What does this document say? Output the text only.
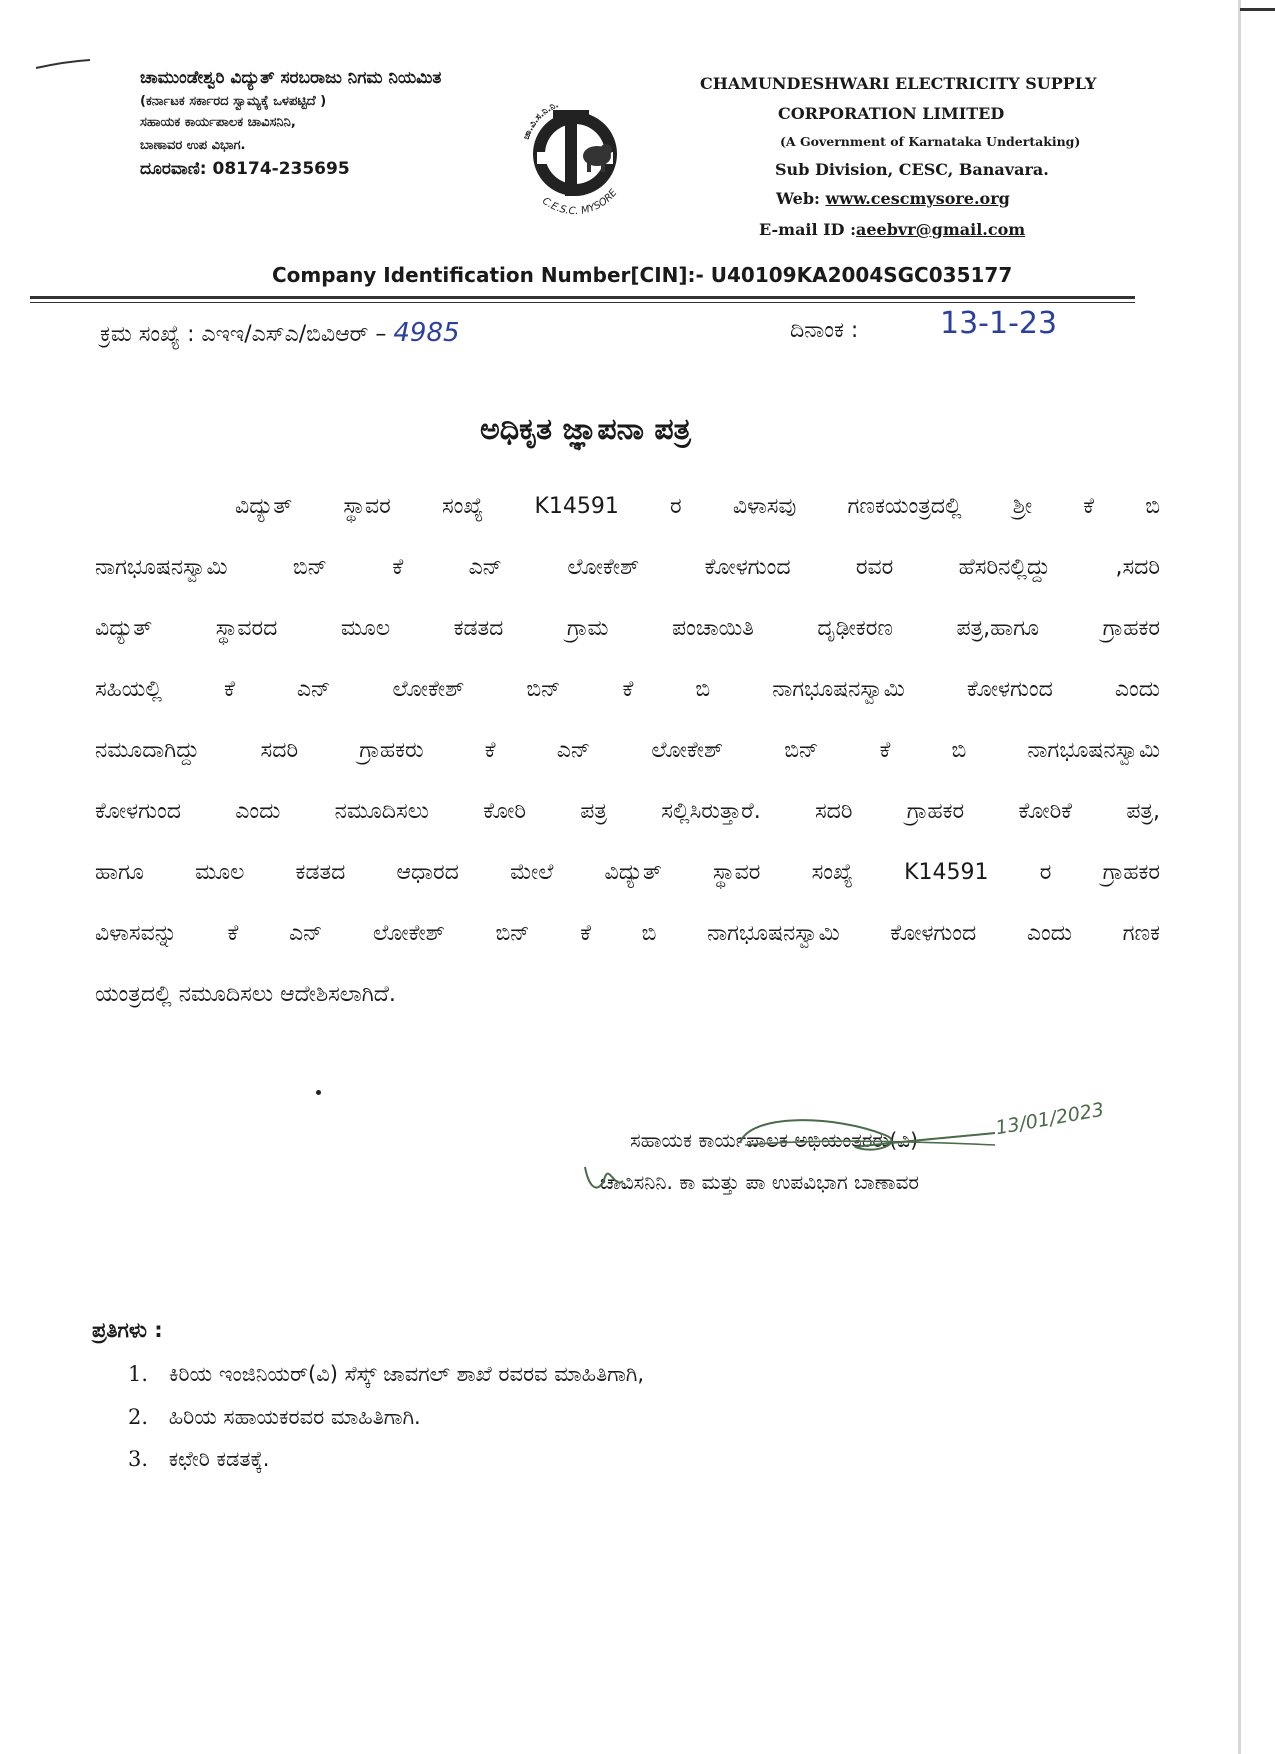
ಚಾಮುಂಡೇಶ್ವರಿ ವಿದ್ಯುತ್ ಸರಬರಾಜು ನಿಗಮ ನಿಯಮಿತ
(ಕರ್ನಾಟಕ ಸರ್ಕಾರದ ಸ್ವಾಮ್ಯಕ್ಕೆ ಒಳಪಟ್ಟಿದೆ )
ಸಹಾಯಕ ಕಾರ್ಯಪಾಲಕ ಚಾವಿಸನಿನಿ,
ಬಾಣಾವರ ಉಪ ವಿಭಾಗ.
ದೂರವಾಣಿ: 08174-235695
ಚಾ.ವಿ.ಸ.ನಿ.ನಿ.
C.E.S.C. MYSORE
CHAMUNDESHWARI ELECTRICITY SUPPLY
CORPORATION LIMITED
(A Government of Karnataka Undertaking)
Sub Division, CESC, Banavara.
Web: www.cescmysore.org
E-mail ID :aeebvr@gmail.com
Company Identification Number[CIN]:- U40109KA2004SGC035177
ಕ್ರಮ ಸಂಖ್ಯೆ : ಎಇಇ/ಎಸ್ಎ/ಬಿವಿಆರ್ – 4985	ದಿನಾಂಕ :	13-1-23
ಅಧಿಕೃತ ಜ್ಞಾಪನಾ ಪತ್ರ
ವಿದ್ಯುತ್ ಸ್ಥಾವರ ಸಂಖ್ಯೆ K14591 ರ ವಿಳಾಸವು ಗಣಕಯಂತ್ರದಲ್ಲಿ ಶ್ರೀ ಕೆ ಬಿ
ನಾಗಭೂಷನಸ್ವಾಮಿ ಬಿನ್ ಕೆ ಎನ್ ಲೋಕೇಶ್ ಕೋಳಗುಂದ ರವರ ಹೆಸರಿನಲ್ಲಿದ್ದು ,ಸದರಿ
ವಿದ್ಯುತ್ ಸ್ಥಾವರದ ಮೂಲ ಕಡತದ ಗ್ರಾಮ ಪಂಚಾಯಿತಿ ದೃಢೀಕರಣ ಪತ್ರ,ಹಾಗೂ ಗ್ರಾಹಕರ
ಸಹಿಯಲ್ಲಿ ಕೆ ಎನ್ ಲೋಕೇಶ್ ಬಿನ್ ಕೆ ಬಿ ನಾಗಭೂಷನಸ್ವಾಮಿ ಕೋಳಗುಂದ ಎಂದು
ನಮೂದಾಗಿದ್ದು ಸದರಿ ಗ್ರಾಹಕರು ಕೆ ಎನ್ ಲೋಕೇಶ್ ಬಿನ್ ಕೆ ಬಿ ನಾಗಭೂಷನಸ್ವಾಮಿ
ಕೋಳಗುಂದ ಎಂದು ನಮೂದಿಸಲು ಕೋರಿ ಪತ್ರ ಸಲ್ಲಿಸಿರುತ್ತಾರೆ. ಸದರಿ ಗ್ರಾಹಕರ ಕೋರಿಕೆ ಪತ್ರ,
ಹಾಗೂ ಮೂಲ ಕಡತದ ಆಧಾರದ ಮೇಲೆ ವಿದ್ಯುತ್ ಸ್ಥಾವರ ಸಂಖ್ಯೆ K14591 ರ ಗ್ರಾಹಕರ
ವಿಳಾಸವನ್ನು ಕೆ ಎನ್ ಲೋಕೇಶ್ ಬಿನ್ ಕೆ ಬಿ ನಾಗಭೂಷನಸ್ವಾಮಿ ಕೋಳಗುಂದ ಎಂದು ಗಣಕ
ಯಂತ್ರದಲ್ಲಿ ನಮೂದಿಸಲು ಆದೇಶಿಸಲಾಗಿದೆ.
ಸಹಾಯಕ ಕಾರ್ಯಪಾಲಕ ಅಭಿಯಂತರರು(ವಿ)
ಚಾವಿಸನಿನಿ. ಕಾ ಮತ್ತು ಪಾ ಉಪವಿಭಾಗ ಬಾಣಾವರ
13/01/2023
ಪ್ರತಿಗಳು :
1. ಕಿರಿಯ ಇಂಜಿನಿಯರ್(ವಿ) ಸೆಸ್ಕ್ ಜಾವಗಲ್ ಶಾಖೆ ರವರವ ಮಾಹಿತಿಗಾಗಿ,
2. ಹಿರಿಯ ಸಹಾಯಕರವರ ಮಾಹಿತಿಗಾಗಿ.
3. ಕಛೇರಿ ಕಡತಕ್ಕೆ.
